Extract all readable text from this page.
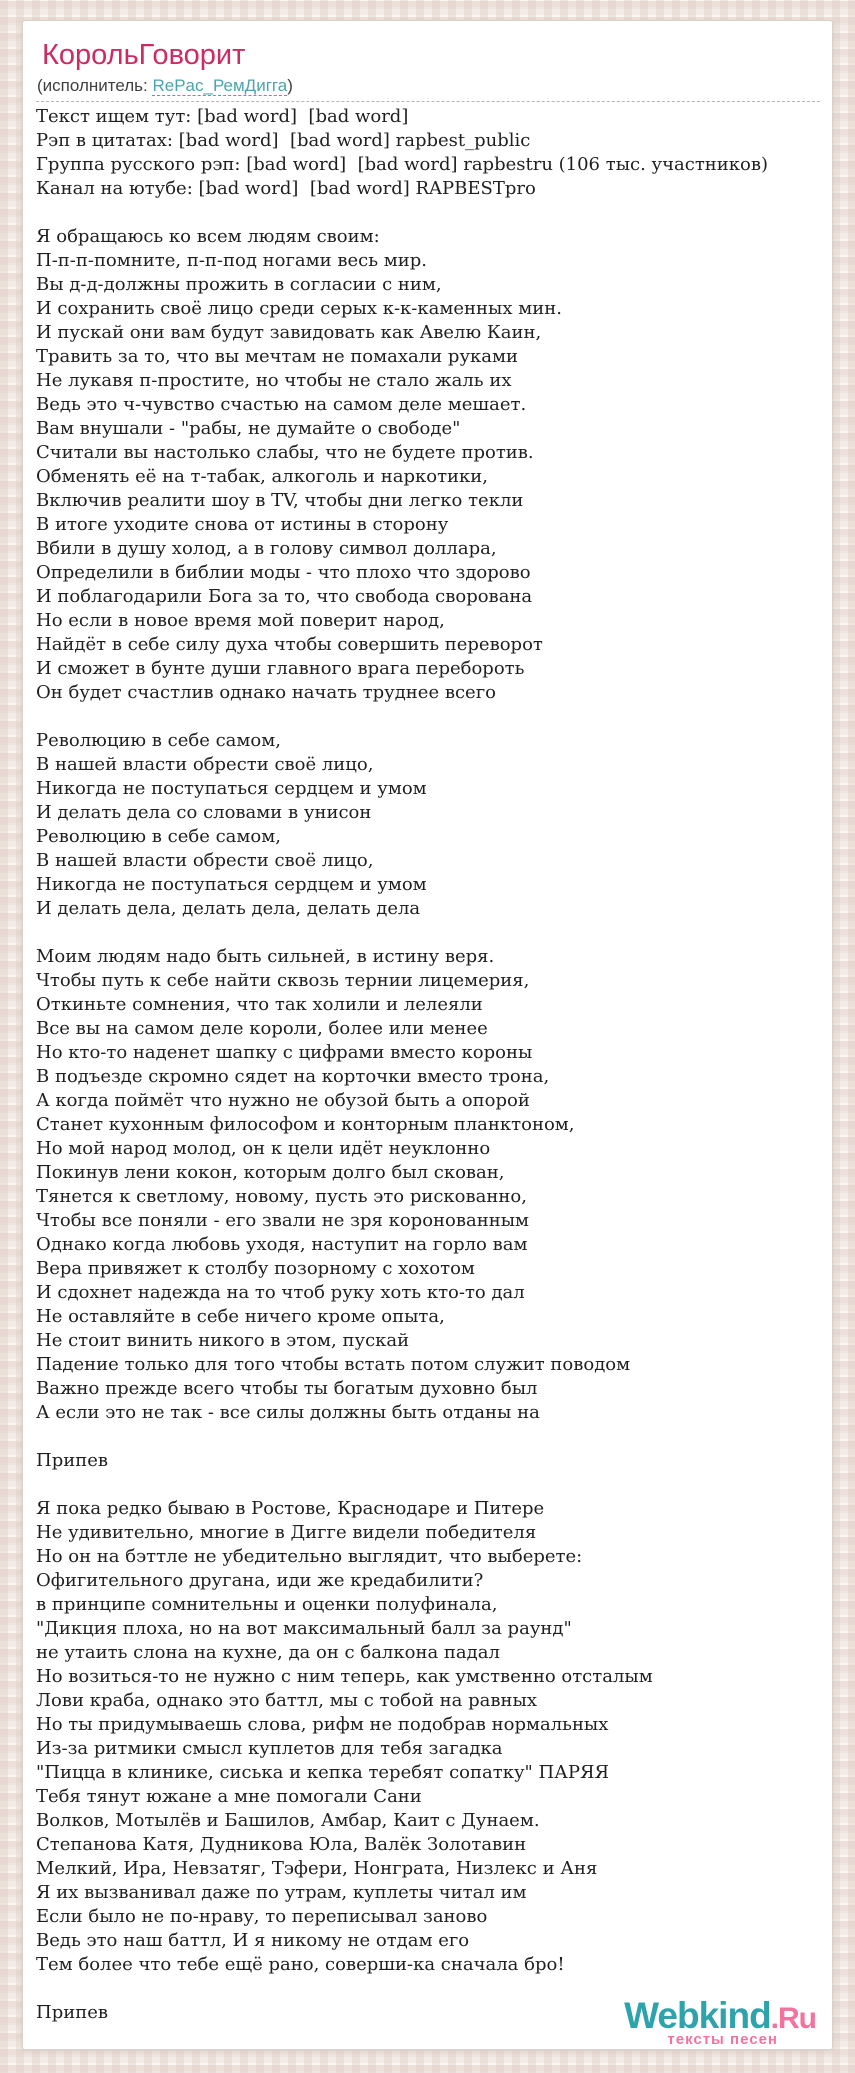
КорольГоворит
(исполнитель: RePac_РемДигга)
Текст ищем тут: [bad word]  [bad word]
Рэп в цитатах: [bad word]  [bad word] rapbest_public
Группа русского рэп: [bad word]  [bad word] rapbestru (106 тыс. участников)
Канал на ютубе: [bad word]  [bad word] RAPBESTpro

Я обращаюсь ко всем людям своим:
П-п-п-помните, п-п-под ногами весь мир.
Вы д-д-должны прожить в согласии с ним,
И сохранить своё лицо среди серых к-к-каменных мин.
И пускай они вам будут завидовать как Авелю Каин,
Травить за то, что вы мечтам не помахали руками
Не лукавя п-простите, но чтобы не стало жаль их
Ведь это ч-чувство счастью на самом деле мешает.
Вам внушали - "рабы, не думайте о свободе"
Считали вы настолько слабы, что не будете против.
Обменять её на т-табак, алкоголь и наркотики,
Включив реалити шоу в TV, чтобы дни легко текли
В итоге уходите снова от истины в сторону
Вбили в душу холод, а в голову символ доллара,
Определили в библии моды - что плохо что здорово
И поблагодарили Бога за то, что свобода сворована
Но если в новое время мой поверит народ,
Найдёт в себе силу духа чтобы совершить переворот
И сможет в бунте души главного врага перебороть
Он будет счастлив однако начать труднее всего

Революцию в себе самом,
В нашей власти обрести своё лицо,
Никогда не поступаться сердцем и умом
И делать дела со словами в унисон
Революцию в себе самом,
В нашей власти обрести своё лицо,
Никогда не поступаться сердцем и умом
И делать дела, делать дела, делать дела

Моим людям надо быть сильней, в истину веря.
Чтобы путь к себе найти сквозь тернии лицемерия,
Откиньте сомнения, что так холили и лелеяли
Все вы на самом деле короли, более или менее
Но кто-то наденет шапку с цифрами вместо короны
В подъезде скромно сядет на корточки вместо трона,
А когда поймёт что нужно не обузой быть а опорой
Станет кухонным философом и конторным планктоном,
Но мой народ молод, он к цели идёт неуклонно
Покинув лени кокон, которым долго был скован,
Тянется к светлому, новому, пусть это рискованно,
Чтобы все поняли - его звали не зря коронованным
Однако когда любовь уходя, наступит на горло вам
Вера привяжет к столбу позорному с хохотом
И сдохнет надежда на то чтоб руку хоть кто-то дал
Не оставляйте в себе ничего кроме опыта,
Не стоит винить никого в этом, пускай
Падение только для того чтобы встать потом служит поводом
Важно прежде всего чтобы ты богатым духовно был
А если это не так - все силы должны быть отданы на

Припев

Я пока редко бываю в Ростове, Краснодаре и Питере
Не удивительно, многие в Дигге видели победителя
Но он на бэттле не убедительно выглядит, что выберете:
Офигительного другана, иди же кредабилити?
в принципе сомнительны и оценки полуфинала,
"Дикция плоха, но на вот максимальный балл за раунд"
не утаить слона на кухне, да он с балкона падал
Но возиться-то не нужно с ним теперь, как умственно отсталым
Лови краба, однако это баттл, мы с тобой на равных
Но ты придумываешь слова, рифм не подобрав нормальных
Из-за ритмики смысл куплетов для тебя загадка
"Пицца в клинике, сиська и кепка теребят сопатку" ПАРЯЯ
Тебя тянут южане а мне помогали Сани
Волков, Мотылёв и Башилов, Амбар, Каит с Дунаем.
Степанова Катя, Дудникова Юла, Валёк Золотавин
Мелкий, Ира, Невзатяг, Тэфери, Нонграта, Низлекс и Аня
Я их вызванивал даже по утрам, куплеты читал им
Если было не по-нраву, то переписывал заново
Ведь это наш баттл, И я никому не отдам его
Тем более что тебе ещё рано, соверши-ка сначала бро!

Припев	Webkind.Ru
тексты песен
